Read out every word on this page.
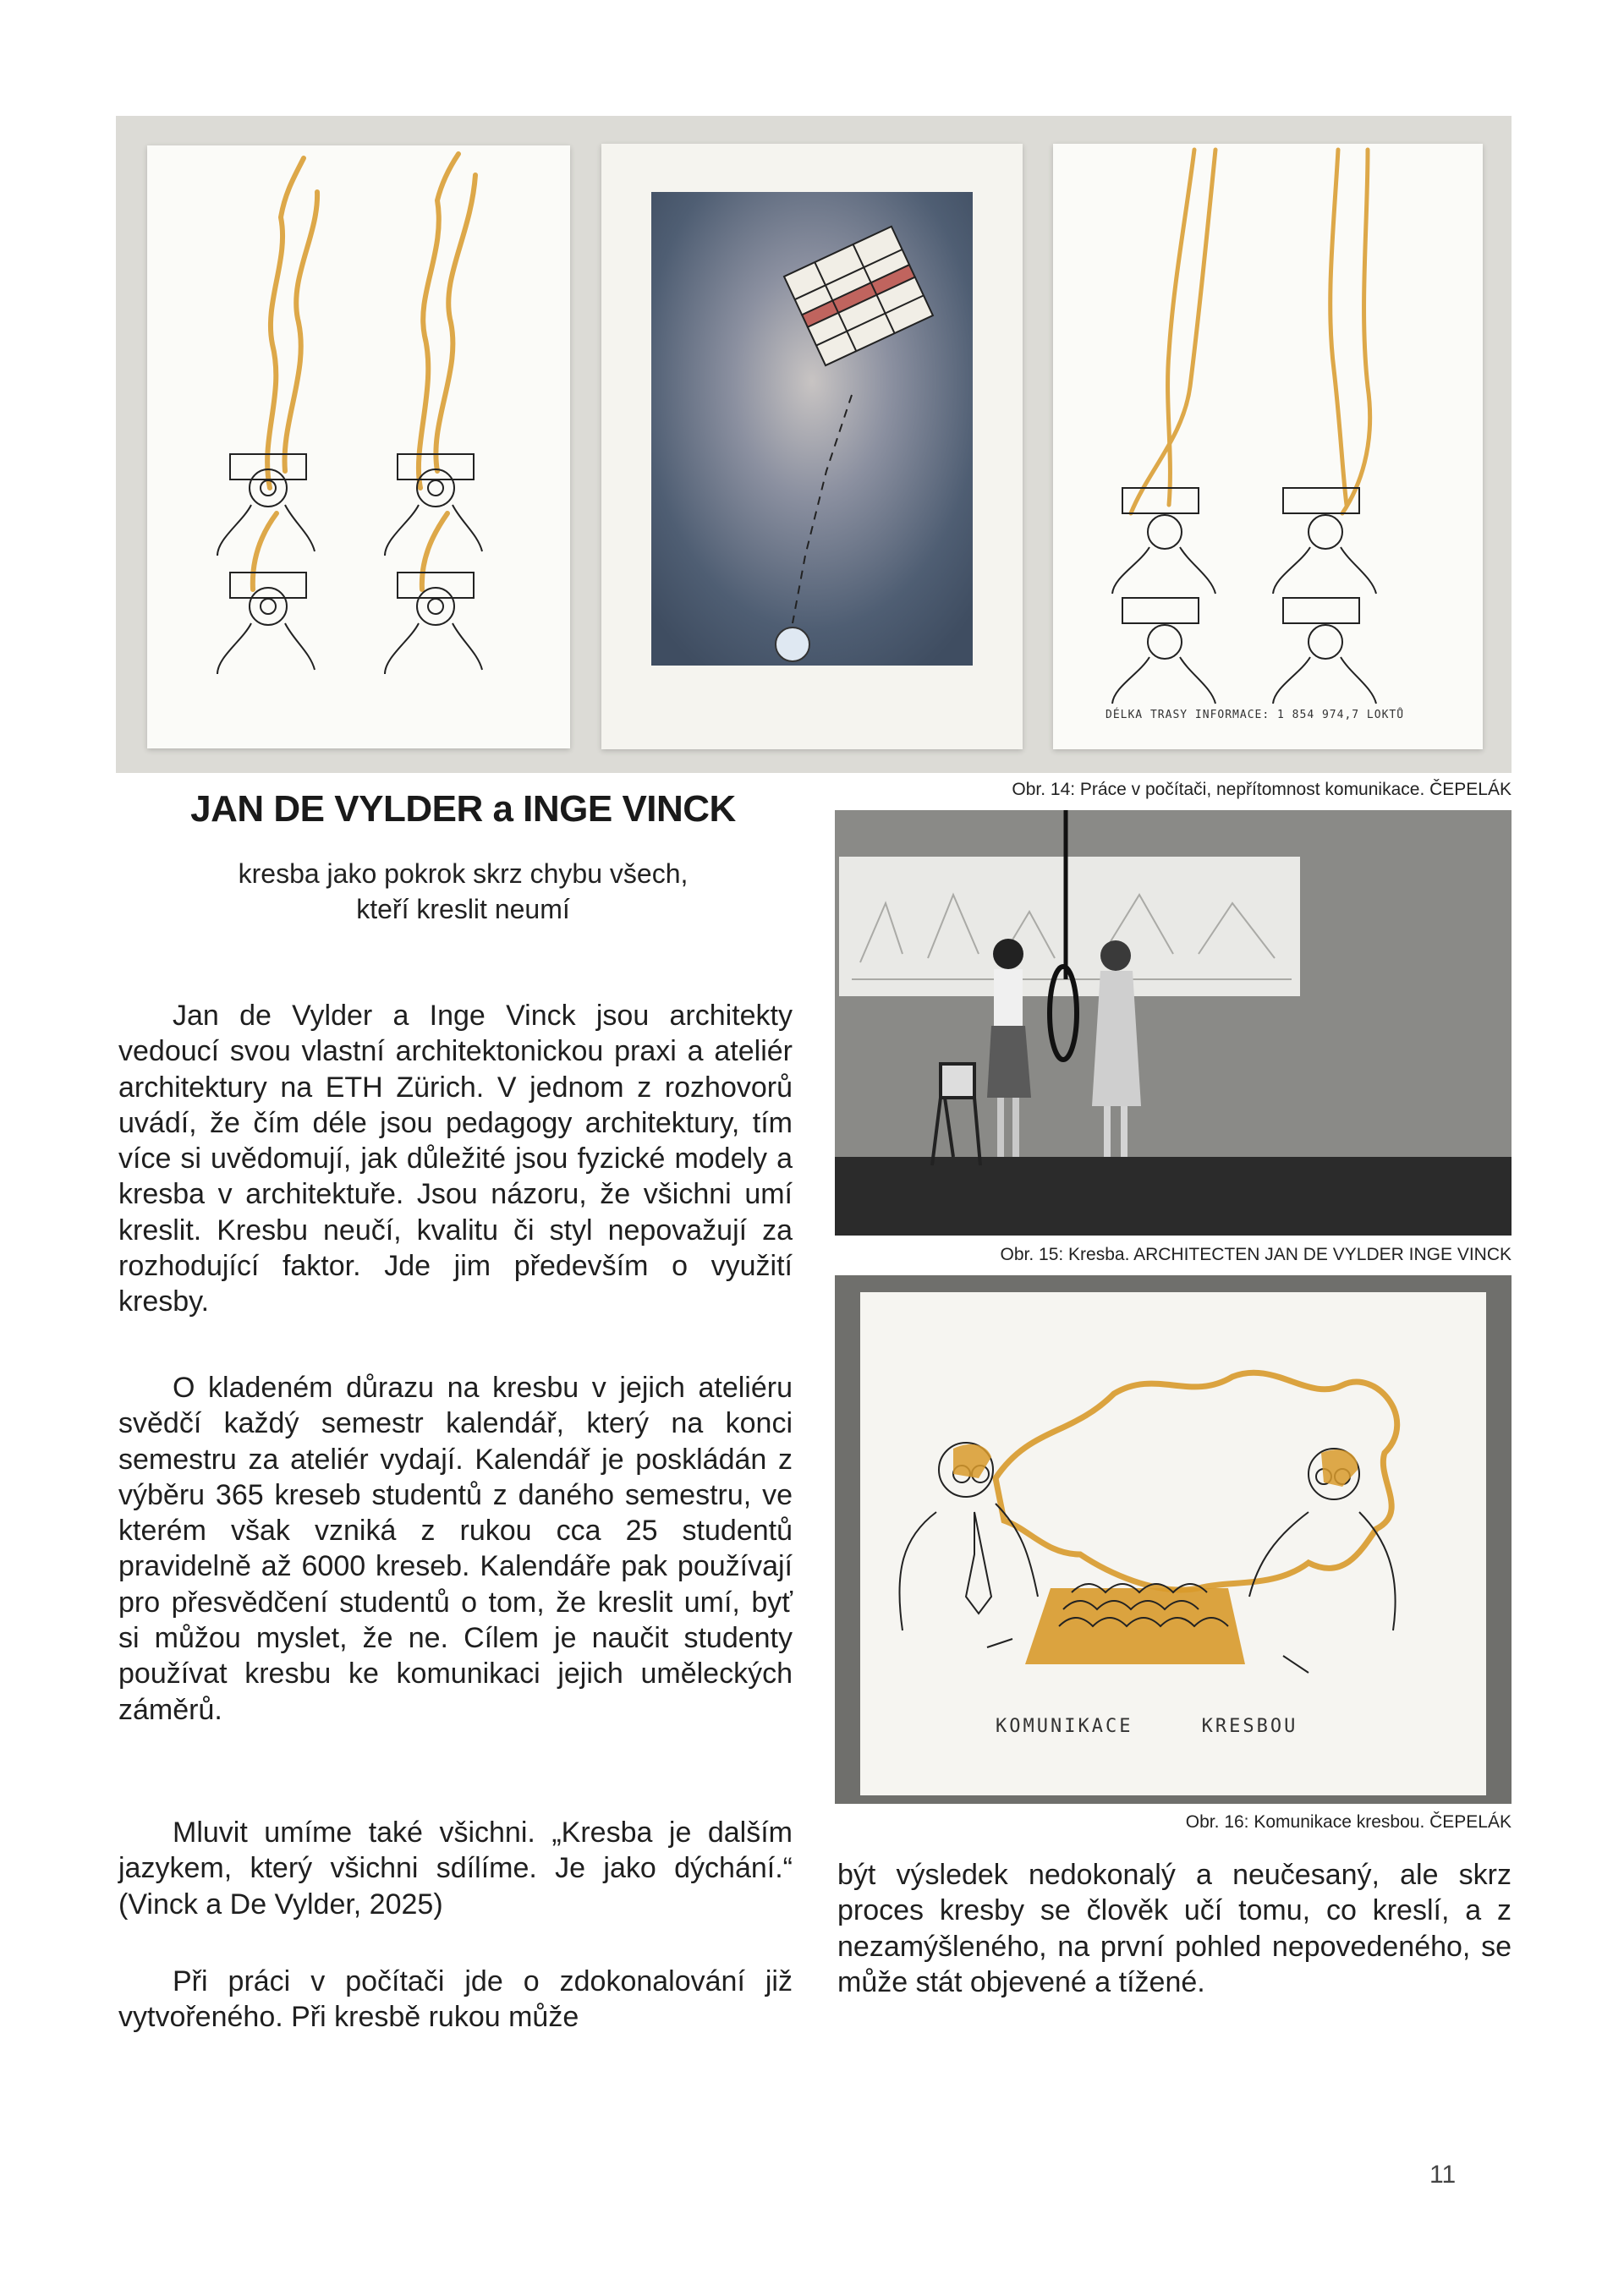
DÉLKA TRASY INFORMACE: 1 854 974,7 LOKTŮ
Obr. 14: Práce v počítači, nepřítomnost komunikace. ČEPELÁK
JAN DE VYLDER a INGE VINCK
kresba jako pokrok skrz chybu všech,
kteří kreslit neumí

Jan de Vylder a Inge Vinck jsou architekty vedoucí svou vlastní architektonickou praxi a ateliér architektury na ETH Zürich. V jednom z rozhovorů uvádí, že čím déle jsou pedagogy architektury, tím více si uvědomují, jak důležité jsou fyzické modely a kresba v architektuře. Jsou názoru, že všichni umí kreslit. Kresbu neučí, kvalitu či styl nepovažují za rozhodující faktor. Jde jim především o využití kresby.

O kladeném důrazu na kresbu v jejich ateliéru svědčí každý semestr kalendář, který na konci semestru za ateliér vydají. Kalendář je poskládán z výběru 365 kreseb studentů z daného semestru, ve kterém však vzniká z rukou cca 25 studentů pravidelně až 6000 kreseb. Kalendáře pak používají pro přesvědčení studentů o tom, že kreslit umí, byť si můžou myslet, že ne. Cílem je naučit studenty používat kresbu ke komunikaci jejich uměleckých záměrů.

Mluvit umíme také všichni. „Kresba je dalším jazykem, který všichni sdílíme. Je jako dýchání.“ (Vinck a De Vylder, 2025)

Při práci v počítači jde o zdokonalování již vytvořeného. Při kresbě rukou může

Obr. 15: Kresba. ARCHITECTEN JAN DE VYLDER INGE VINCK
KOMUNIKACE     KRESBOU
Obr. 16: Komunikace kresbou. ČEPELÁK
být výsledek nedokonalý a neučesaný, ale skrz proces kresby se člověk učí tomu, co kreslí, a z nezamýšleného, na první pohled nepovedeného, se může stát objevené a tížené.
11
